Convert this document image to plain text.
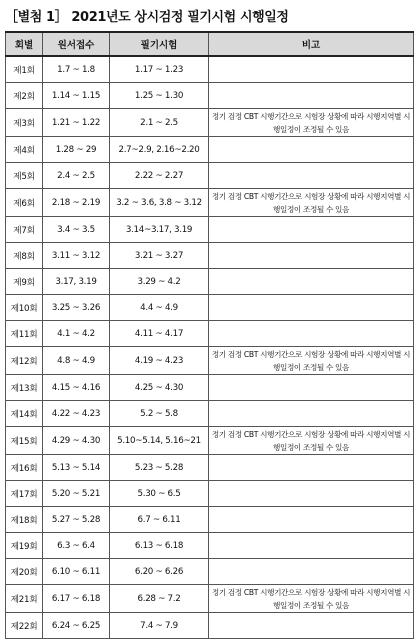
［별첨 1］ 2021년도 상시검정 필기시험 시행일정
회별	원서접수	필기시험	비고
제1회	1.7 ~ 1.8	1.17 ~ 1.23	
제2회	1.14 ~ 1.15	1.25 ~ 1.30	
제3회	1.21 ~ 1.22	2.1 ~ 2.5	정기 검정 CBT 시행기간으로 시험장 상황에 따라 시행지역별 시행일정이 조정될 수 있음
제4회	1.28 ~ 29	2.7~2.9, 2.16~2.20	
제5회	2.4 ~ 2.5	2.22 ~ 2.27	
제6회	2.18 ~ 2.19	3.2 ~ 3.6, 3.8 ~ 3.12	정기 검정 CBT 시행기간으로 시험장 상황에 따라 시행지역별 시행일정이 조정될 수 있음
제7회	3.4 ~ 3.5	3.14~3.17, 3.19	
제8회	3.11 ~ 3.12	3.21 ~ 3.27	
제9회	3.17, 3.19	3.29 ~ 4.2	
제10회	3.25 ~ 3.26	4.4 ~ 4.9	
제11회	4.1 ~ 4.2	4.11 ~ 4.17	
제12회	4.8 ~ 4.9	4.19 ~ 4.23	정기 검정 CBT 시행기간으로 시험장 상황에 따라 시행지역별 시행일정이 조정될 수 있음
제13회	4.15 ~ 4.16	4.25 ~ 4.30	
제14회	4.22 ~ 4.23	5.2 ~ 5.8	
제15회	4.29 ~ 4.30	5.10~5.14, 5.16~21	정기 검정 CBT 시행기간으로 시험장 상황에 따라 시행지역별 시행일정이 조정될 수 있음
제16회	5.13 ~ 5.14	5.23 ~ 5.28	
제17회	5.20 ~ 5.21	5.30 ~ 6.5	
제18회	5.27 ~ 5.28	6.7 ~ 6.11	
제19회	6.3 ~ 6.4	6.13 ~ 6.18	
제20회	6.10 ~ 6.11	6.20 ~ 6.26	
제21회	6.17 ~ 6.18	6.28 ~ 7.2	정기 검정 CBT 시행기간으로 시험장 상황에 따라 시행지역별 시행일정이 조정될 수 있음
제22회	6.24 ~ 6.25	7.4 ~ 7.9	
